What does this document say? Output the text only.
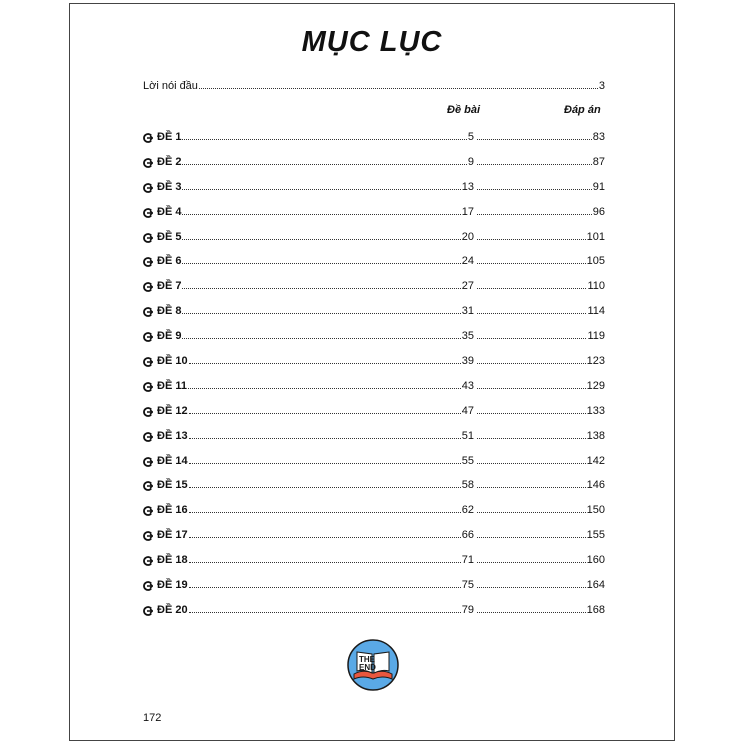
MỤC LỤC
Lời nói đầu	3
Đề bài	Đáp án
ĐỀ 1	5	83
ĐỀ 2	9	87
ĐỀ 3	13	91
ĐỀ 4	17	96
ĐỀ 5	20	101
ĐỀ 6	24	105
ĐỀ 7	27	110
ĐỀ 8	31	114
ĐỀ 9	35	119
ĐỀ 10	39	123
ĐỀ 11	43	129
ĐỀ 12	47	133
ĐỀ 13	51	138
ĐỀ 14	55	142
ĐỀ 15	58	146
ĐỀ 16	62	150
ĐỀ 17	66	155
ĐỀ 18	71	160
ĐỀ 19	75	164
ĐỀ 20	79	168
THE
END
172
